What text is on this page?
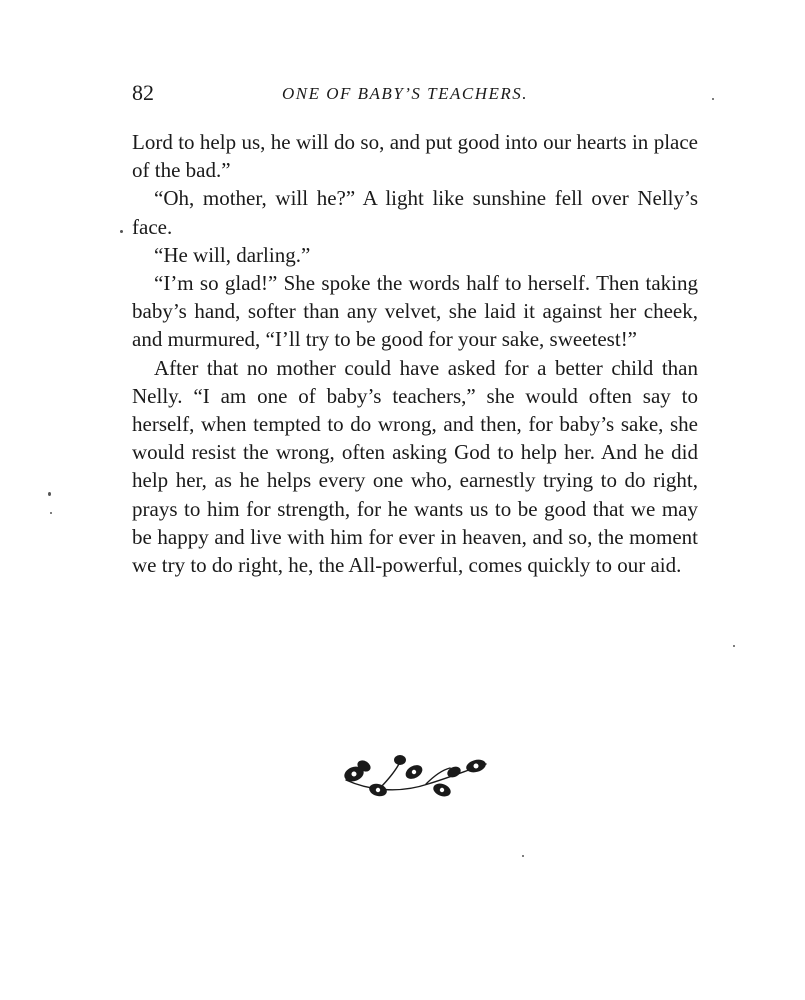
82	ONE OF BABY’S TEACHERS.

Lord to help us, he will do so, and put good into our hearts in place of the bad.”

“Oh, mother, will he?” A light like sunshine fell over Nelly’s face.

“He will, darling.”

“I’m so glad!” She spoke the words half to herself. Then taking baby’s hand, softer than any velvet, she laid it against her cheek, and murmured, “I’ll try to be good for your sake, sweetest!”

After that no mother could have asked for a better child than Nelly. “I am one of baby’s teachers,” she would often say to herself, when tempted to do wrong, and then, for baby’s sake, she would resist the wrong, often asking God to help her. And he did help her, as he helps every one who, earnestly trying to do right, prays to him for strength, for he wants us to be good that we may be happy and live with him for ever in heaven, and so, the moment we try to do right, he, the All-powerful, comes quickly to our aid.
